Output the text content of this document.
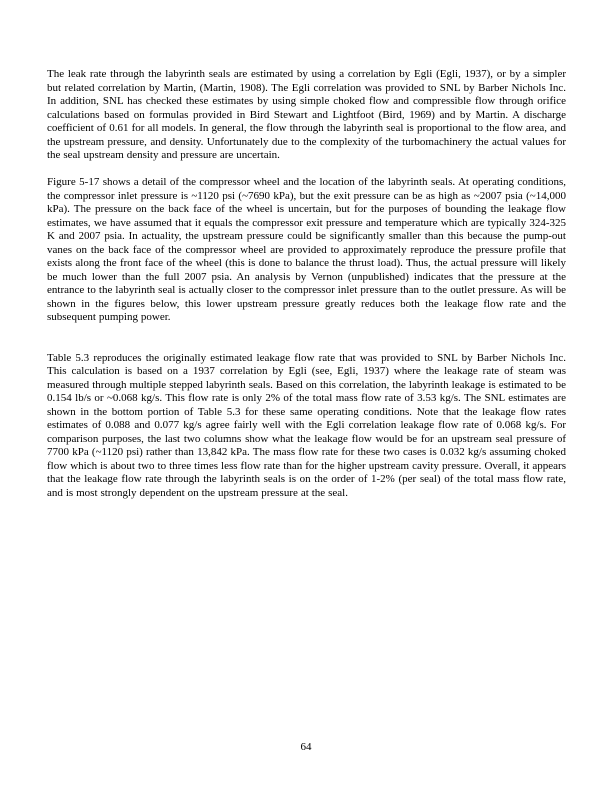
The leak rate through the labyrinth seals are estimated by using a correlation by Egli (Egli, 1937), or by a simpler but related correlation by Martin, (Martin, 1908). The Egli correlation was provided to SNL by Barber Nichols Inc. In addition, SNL has checked these estimates by using simple choked flow and compressible flow through orifice calculations based on formulas provided in Bird Stewart and Lightfoot (Bird, 1969) and by Martin. A discharge coefficient of 0.61 for all models. In general, the flow through the labyrinth seal is proportional to the flow area, and the upstream pressure, and density. Unfortunately due to the complexity of the turbomachinery the actual values for the seal upstream density and pressure are uncertain.

Figure 5-17 shows a detail of the compressor wheel and the location of the labyrinth seals. At operating conditions, the compressor inlet pressure is ~1120 psi (~7690 kPa), but the exit pressure can be as high as ~2007 psia (~14,000 kPa). The pressure on the back face of the wheel is uncertain, but for the purposes of bounding the leakage flow estimates, we have assumed that it equals the compressor exit pressure and temperature which are typically 324-325 K and 2007 psia. In actuality, the upstream pressure could be significantly smaller than this because the pump-out vanes on the back face of the compressor wheel are provided to approximately reproduce the pressure profile that exists along the front face of the wheel (this is done to balance the thrust load). Thus, the actual pressure will likely be much lower than the full 2007 psia. An analysis by Vernon (unpublished) indicates that the pressure at the entrance to the labyrinth seal is actually closer to the compressor inlet pressure than to the outlet pressure. As will be shown in the figures below, this lower upstream pressure greatly reduces both the leakage flow rate and the subsequent pumping power.

Table 5.3 reproduces the originally estimated leakage flow rate that was provided to SNL by Barber Nichols Inc. This calculation is based on a 1937 correlation by Egli (see, Egli, 1937) where the leakage rate of steam was measured through multiple stepped labyrinth seals. Based on this correlation, the labyrinth leakage is estimated to be 0.154 lb/s or ~0.068 kg/s. This flow rate is only 2% of the total mass flow rate of 3.53 kg/s. The SNL estimates are shown in the bottom portion of Table 5.3 for these same operating conditions. Note that the leakage flow rates estimates of 0.088 and 0.077 kg/s agree fairly well with the Egli correlation leakage flow rate of 0.068 kg/s. For comparison purposes, the last two columns show what the leakage flow would be for an upstream seal pressure of 7700 kPa (~1120 psi) rather than 13,842 kPa. The mass flow rate for these two cases is 0.032 kg/s assuming choked flow which is about two to three times less flow rate than for the higher upstream cavity pressure. Overall, it appears that the leakage flow rate through the labyrinth seals is on the order of 1-2% (per seal) of the total mass flow rate, and is most strongly dependent on the upstream pressure at the seal.

64
